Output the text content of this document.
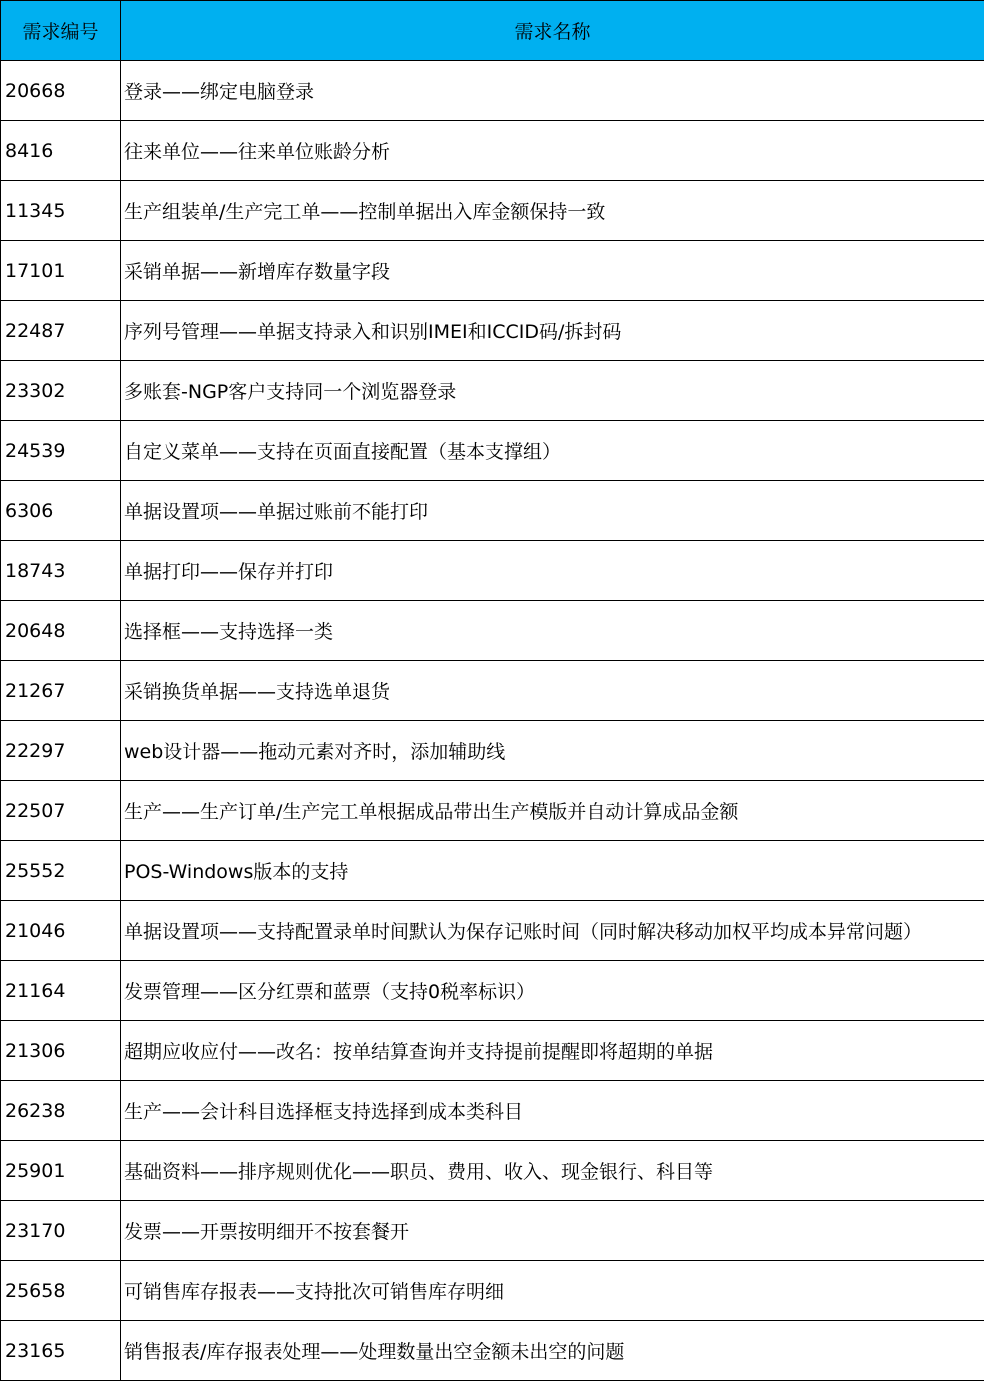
需求编号	需求名称
20668	登录——绑定电脑登录
8416	往来单位——往来单位账龄分析
11345	生产组装单/生产完工单——控制单据出入库金额保持一致
17101	采销单据——新增库存数量字段
22487	序列号管理——单据支持录入和识别IMEI和ICCID码/拆封码
23302	多账套-NGP客户支持同一个浏览器登录
24539	自定义菜单——支持在页面直接配置（基本支撑组）
6306	单据设置项——单据过账前不能打印
18743	单据打印——保存并打印
20648	选择框——支持选择一类
21267	采销换货单据——支持选单退货
22297	web设计器——拖动元素对齐时，添加辅助线
22507	生产——生产订单/生产完工单根据成品带出生产模版并自动计算成品金额
25552	POS-Windows版本的支持
21046	单据设置项——支持配置录单时间默认为保存记账时间（同时解决移动加权平均成本异常问题）
21164	发票管理——区分红票和蓝票（支持0税率标识）
21306	超期应收应付——改名：按单结算查询并支持提前提醒即将超期的单据
26238	生产——会计科目选择框支持选择到成本类科目
25901	基础资料——排序规则优化——职员、费用、收入、现金银行、科目等
23170	发票——开票按明细开不按套餐开
25658	可销售库存报表——支持批次可销售库存明细
23165	销售报表/库存报表处理——处理数量出空金额未出空的问题
